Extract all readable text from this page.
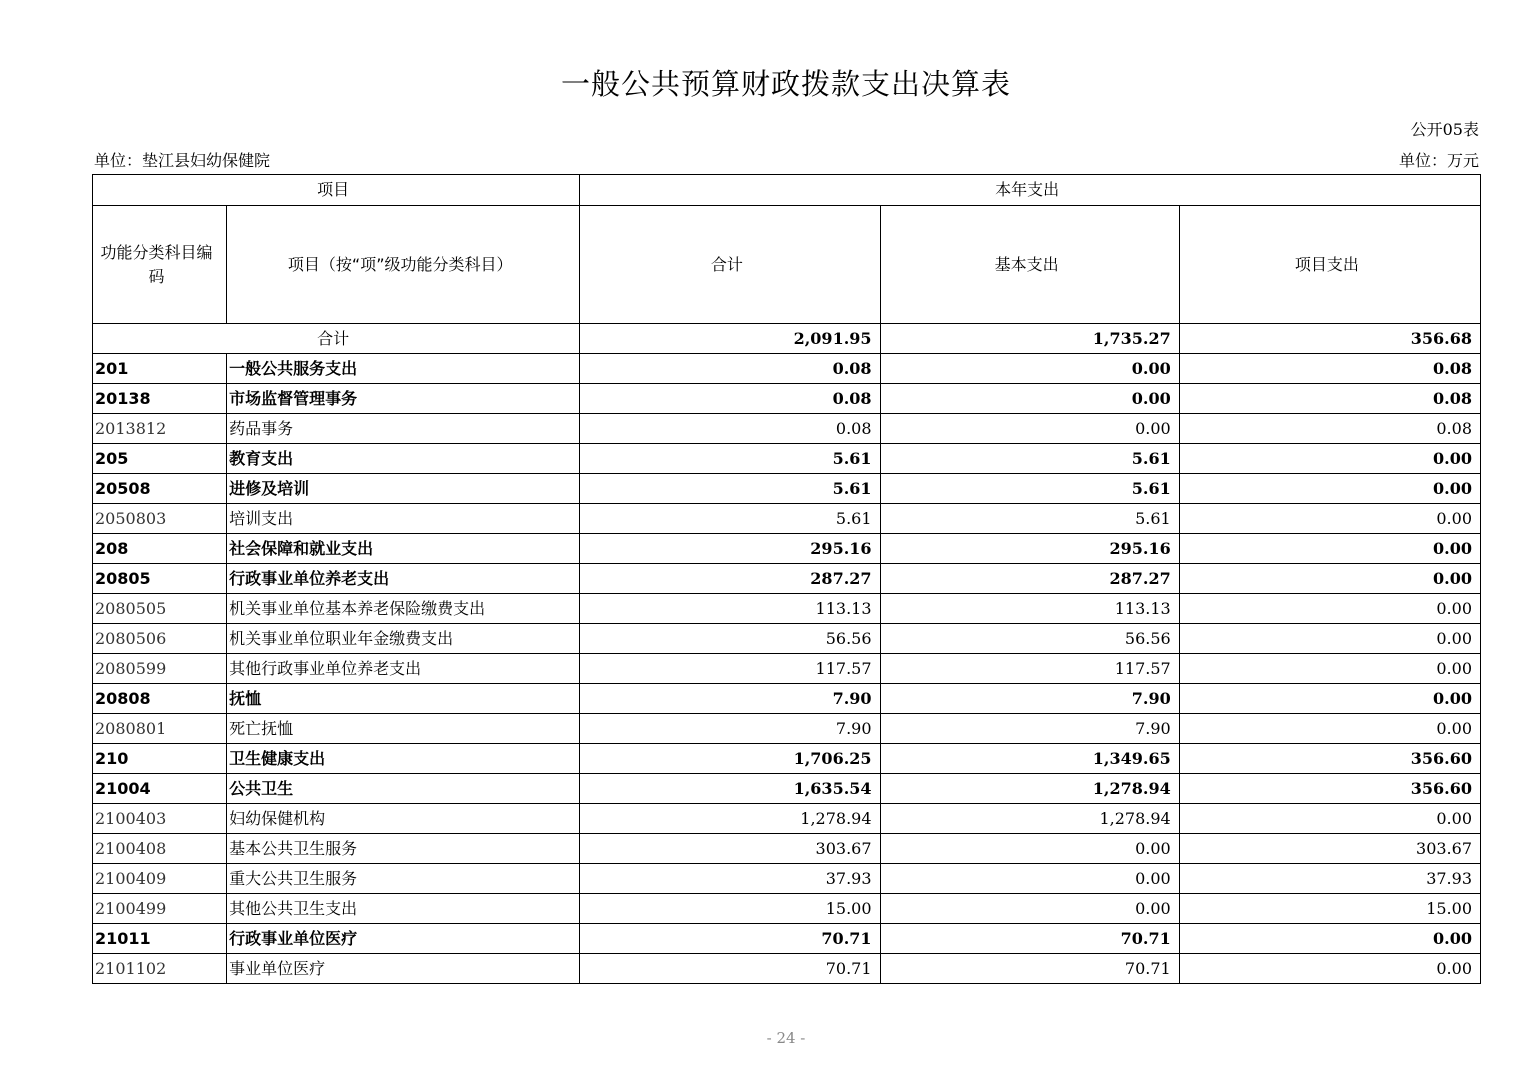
一般公共预算财政拨款支出决算表
公开05表
单位：垫江县妇幼保健院	单位：万元
项目		本年支出		
功能分类科目编码	项目（按“项”级功能分类科目）	合计	基本支出	项目支出
合计		2,091.95	1,735.27	356.68
201	一般公共服务支出	0.08	0.00	0.08
20138	市场监督管理事务	0.08	0.00	0.08
2013812	药品事务	0.08	0.00	0.08
205	教育支出	5.61	5.61	0.00
20508	进修及培训	5.61	5.61	0.00
2050803	培训支出	5.61	5.61	0.00
208	社会保障和就业支出	295.16	295.16	0.00
20805	行政事业单位养老支出	287.27	287.27	0.00
2080505	机关事业单位基本养老保险缴费支出	113.13	113.13	0.00
2080506	机关事业单位职业年金缴费支出	56.56	56.56	0.00
2080599	其他行政事业单位养老支出	117.57	117.57	0.00
20808	抚恤	7.90	7.90	0.00
2080801	死亡抚恤	7.90	7.90	0.00
210	卫生健康支出	1,706.25	1,349.65	356.60
21004	公共卫生	1,635.54	1,278.94	356.60
2100403	妇幼保健机构	1,278.94	1,278.94	0.00
2100408	基本公共卫生服务	303.67	0.00	303.67
2100409	重大公共卫生服务	37.93	0.00	37.93
2100499	其他公共卫生支出	15.00	0.00	15.00
21011	行政事业单位医疗	70.71	70.71	0.00
2101102	事业单位医疗	70.71	70.71	0.00
- 24 -
